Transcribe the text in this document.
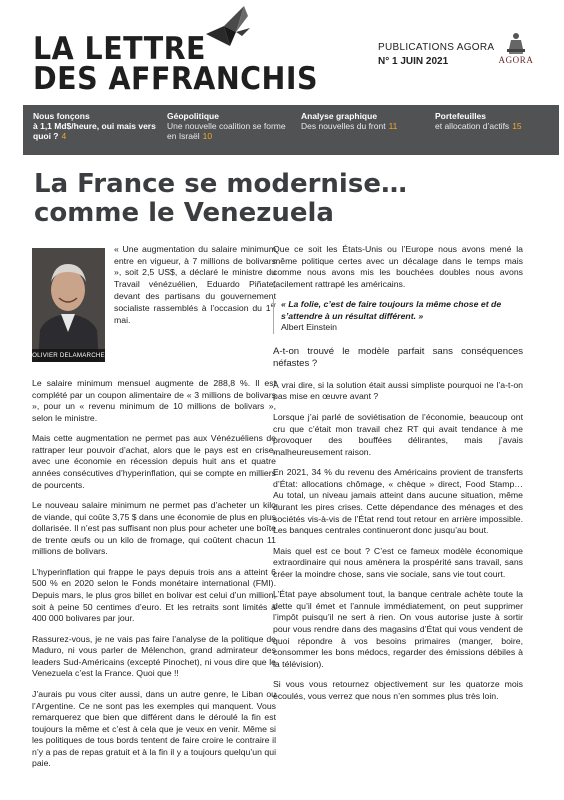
LA LETTRE
DES AFFRANCHIS
PUBLICATIONS AGORA
N° 1 JUIN 2021	AGORA
Nous fonçons
à 1,1 Md$/heure, oui mais vers quoi ? 4
Géopolitique
Une nouvelle coalition se forme en Israël 10
Analyse graphique
Des nouvelles du front 11
Portefeuilles
et allocation d’actifs 15
La France se modernise…
comme le Venezuela
OLIVIER DELAMARCHE
« Une augmentation du salaire minimum entre en vigueur, à 7 millions de bolivars », soit 2,5 US$, a déclaré le ministre du Travail vénézuélien, Eduardo Piñate, devant des partisans du gouvernement socialiste rassemblés à l’occasion du 1er mai.

Le salaire minimum mensuel augmente de 288,8 %. Il est complété par un coupon alimentaire de « 3 millions de bolivars », pour un « revenu minimum de 10 millions de bolivars », selon le ministre.

Mais cette augmentation ne permet pas aux Vénézuéliens de rattraper leur pouvoir d’achat, alors que le pays est en crise, avec une économie en récession depuis huit ans et quatre années consécutives d’hyperinflation, qui se compte en milliers de pourcents.

Le nouveau salaire minimum ne permet pas d’acheter un kilo de viande, qui coûte 3,75 $ dans une économie de plus en plus dollarisée. Il n’est pas suffisant non plus pour acheter une boîte de trente œufs ou un kilo de fromage, qui coûtent chacun 11 millions de bolivars.

L’hyperinflation qui frappe le pays depuis trois ans a atteint 6 500 % en 2020 selon le Fonds monétaire international (FMI). Depuis mars, le plus gros billet en bolivar est celui d’un million, soit à peine 50 centimes d’euro. Et les retraits sont limités à 400 000 bolivares par jour.

Rassurez-vous, je ne vais pas faire l’analyse de la politique de Maduro, ni vous parler de Mélenchon, grand admirateur des leaders Sud-Américains (excepté Pinochet), ni vous dire que le Venezuela c’est la France. Quoi que !!

J’aurais pu vous citer aussi, dans un autre genre, le Liban ou l’Argentine. Ce ne sont pas les exemples qui manquent. Vous remarquerez que bien que différent dans le déroulé la fin est toujours la même et c’est à cela que je veux en venir. Même si les politiques de tous bords tentent de faire croire le contraire il n’y a pas de repas gratuit et à la fin il y a toujours quelqu’un qui paie.

Que ce soit les États-Unis ou l’Europe nous avons mené la même politique certes avec un décalage dans le temps mais comme nous avons mis les bouchées doubles nous avons facilement rattrapé les américains.

« La folie, c’est de faire toujours la même chose et de s’attendre à un résultat différent. »
Albert Einstein

A-t-on trouvé le modèle parfait sans conséquences néfastes ?

À vrai dire, si la solution était aussi simpliste pourquoi ne l’a-t-on pas mise en œuvre avant ?

Lorsque j’ai parlé de soviétisation de l’économie, beaucoup ont cru que c’était mon travail chez RT qui avait tendance à me provoquer des bouffées délirantes, mais j’avais malheureusement raison.

En 2021, 34 % du revenu des Américains provient de transferts d’État: allocations chômage, « chèque » direct, Food Stamp… Au total, un niveau jamais atteint dans aucune situation, même durant les pires crises. Cette dépendance des ménages et des sociétés vis-à-vis de l’État rend tout retour en arrière impossible. Les banques centrales continueront donc jusqu’au bout.

Mais quel est ce bout ? C’est ce fameux modèle économique extraordinaire qui nous amènera la prospérité sans travail, sans créer la moindre chose, sans vie sociale, sans vie tout court.

L’État paye absolument tout, la banque centrale achète toute la dette qu’il émet et l’annule immédiatement, on peut supprimer l’impôt puisqu’il ne sert à rien. On vous autorise juste à sortir pour vous rendre dans des magasins d’État qui vous vendent de quoi répondre à vos besoins primaires (manger, boire, consommer les bons médocs, regarder des émissions débiles à la télévision).

Si vous vous retournez objectivement sur les quatorze mois écoulés, vous verrez que nous n’en sommes plus très loin.
